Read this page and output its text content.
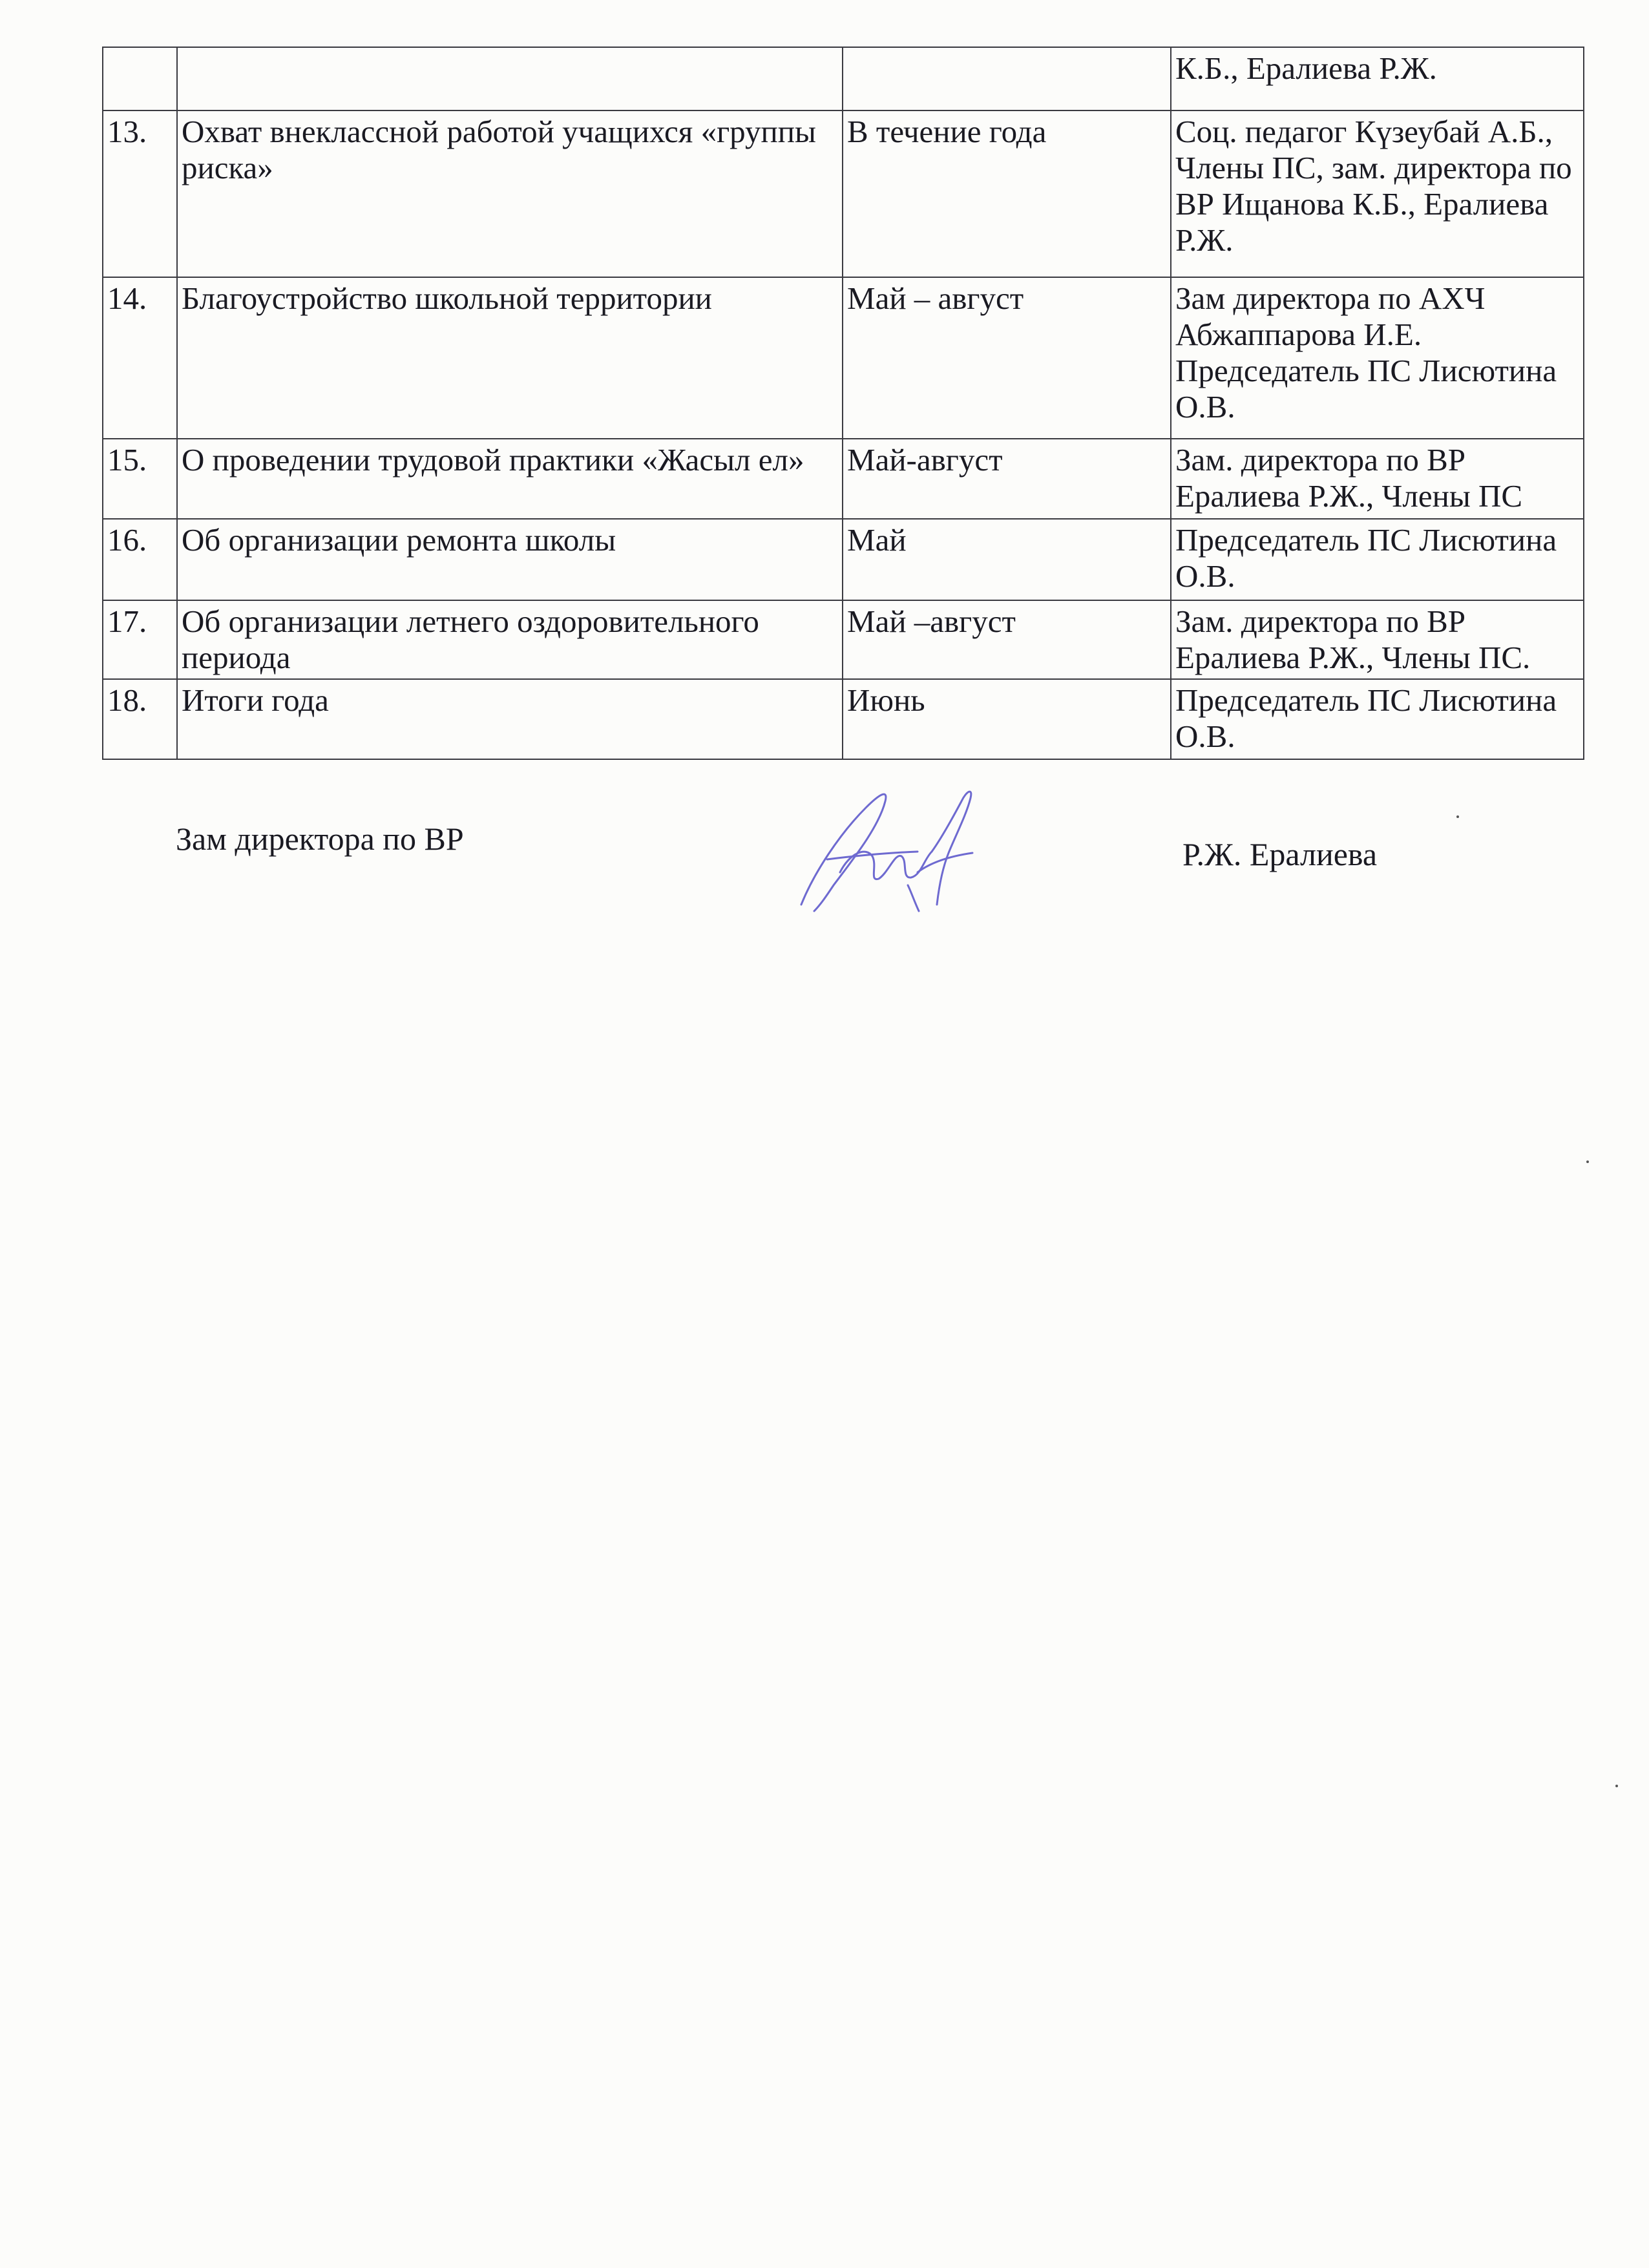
			К.Б., Ералиева Р.Ж.
13.	Охват внеклассной работой учащихся «группы риска»	В течение года	Соц. педагог Күзеубай А.Б., Члены ПС, зам. директора по ВР Ищанова К.Б., Ералиева Р.Ж.
14.	Благоустройство школьной территории	Май – август	Зам директора по АХЧ Абжаппарова И.Е. Председатель ПС Лисютина О.В.
15.	О проведении трудовой практики «Жасыл ел»	Май-август	Зам. директора по ВР Ералиева Р.Ж., Члены ПС
16.	Об организации ремонта школы	Май	Председатель ПС Лисютина О.В.
17.	Об организации летнего оздоровительного периода	Май –август	Зам. директора по ВР Ералиева Р.Ж., Члены ПС.
18.	Итоги года	Июнь	Председатель ПС Лисютина О.В.
Зам директора по ВР	Р.Ж. Ералиева
